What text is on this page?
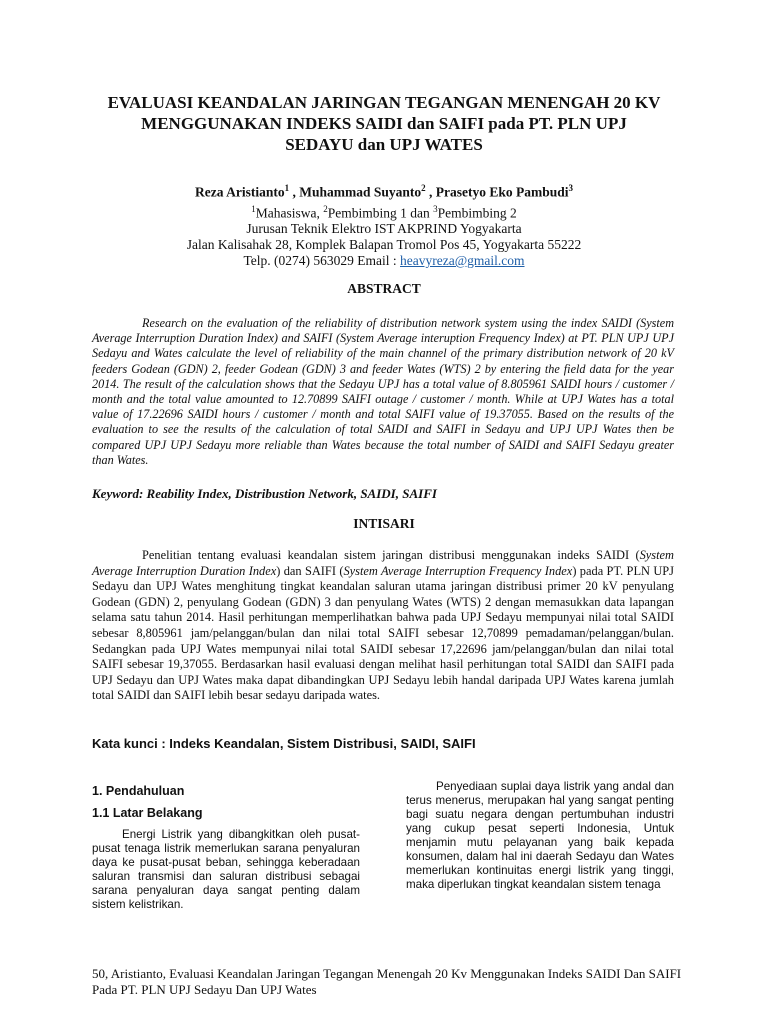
EVALUASI KEANDALAN JARINGAN TEGANGAN MENENGAH 20 KV
MENGGUNAKAN INDEKS SAIDI dan SAIFI pada PT. PLN UPJ
SEDAYU dan UPJ WATES
Reza Aristianto$^1$ , Muhammad Suyanto$^2$ , Prasetyo Eko Pambudi$^3$
$^1$Mahasiswa, $^2$Pembimbing 1 dan $^3$Pembimbing 2
Jurusan Teknik Elektro IST AKPRIND Yogyakarta
Jalan Kalisahak 28, Komplek Balapan Tromol Pos 45, Yogyakarta 55222
Telp. (0274) 563029 Email : heavyreza@gmail.com
ABSTRACT
Research on the evaluation of the reliability of distribution network system using the index SAIDI (System Average Interruption Duration Index) and SAIFI (System Average interuption Frequency Index) at PT. PLN UPJ UPJ Sedayu and Wates calculate the level of reliability of the main channel of the primary distribution network of 20 kV feeders Godean (GDN) 2, feeder Godean (GDN) 3 and feeder Wates (WTS) 2 by entering the field data for the year 2014. The result of the calculation shows that the Sedayu UPJ has a total value of 8.805961 SAIDI hours / customer / month and the total value amounted to 12.70899 SAIFI outage / customer / month. While at UPJ Wates has a total value of 17.22696 SAIDI hours / customer / month and total SAIFI value of 19.37055. Based on the results of the evaluation to see the results of the calculation of total SAIDI and SAIFI in Sedayu and UPJ UPJ Wates then be compared UPJ UPJ Sedayu more reliable than Wates because the total number of SAIDI and SAIFI Sedayu greater than Wates.
Keyword: Reability Index, Distribustion Network, SAIDI, SAIFI
INTISARI

Penelitian tentang evaluasi keandalan sistem jaringan distribusi menggunakan indeks SAIDI (System Average Interruption Duration Index) dan SAIFI (System Average Interruption Frequency Index) pada PT. PLN UPJ Sedayu dan UPJ Wates menghitung tingkat keandalan saluran utama jaringan distribusi primer 20 kV penyulang Godean (GDN) 2, penyulang Godean (GDN) 3 dan penyulang Wates (WTS) 2 dengan memasukkan data lapangan selama satu tahun 2014. Hasil perhitungan memperlihatkan bahwa pada UPJ Sedayu mempunyai nilai total SAIDI sebesar 8,805961 jam/pelanggan/bulan dan nilai total SAIFI sebesar 12,70899 pemadaman/pelanggan/bulan. Sedangkan pada UPJ Wates mempunyai nilai total SAIDI sebesar 17,22696 jam/pelanggan/bulan dan nilai total SAIFI sebesar 19,37055. Berdasarkan hasil evaluasi dengan melihat hasil perhitungan total SAIDI dan SAIFI pada UPJ Sedayu dan UPJ Wates maka dapat dibandingkan UPJ Sedayu lebih handal daripada UPJ Wates karena jumlah total SAIDI dan SAIFI lebih besar sedayu daripada wates.

Kata kunci : Indeks Keandalan, Sistem Distribusi, SAIDI, SAIFI
1. Pendahuluan
1.1 Latar Belakang

Energi Listrik yang dibangkitkan oleh pusat-pusat tenaga listrik memerlukan sarana penyaluran daya ke pusat-pusat beban, sehingga keberadaan saluran transmisi dan saluran distribusi sebagai sarana penyaluran daya sangat penting dalam sistem kelistrikan.

Penyediaan suplai daya listrik yang andal dan terus menerus, merupakan hal yang sangat penting bagi suatu negara dengan pertumbuhan industri yang cukup pesat seperti Indonesia, Untuk menjamin mutu pelayanan yang baik kepada konsumen, dalam hal ini daerah Sedayu dan Wates memerlukan kontinuitas energi listrik yang tinggi, maka diperlukan tingkat keandalan sistem tenaga

50, Aristianto, Evaluasi Keandalan Jaringan Tegangan Menengah 20 Kv Menggunakan Indeks SAIDI Dan SAIFI Pada PT. PLN UPJ Sedayu Dan UPJ Wates
